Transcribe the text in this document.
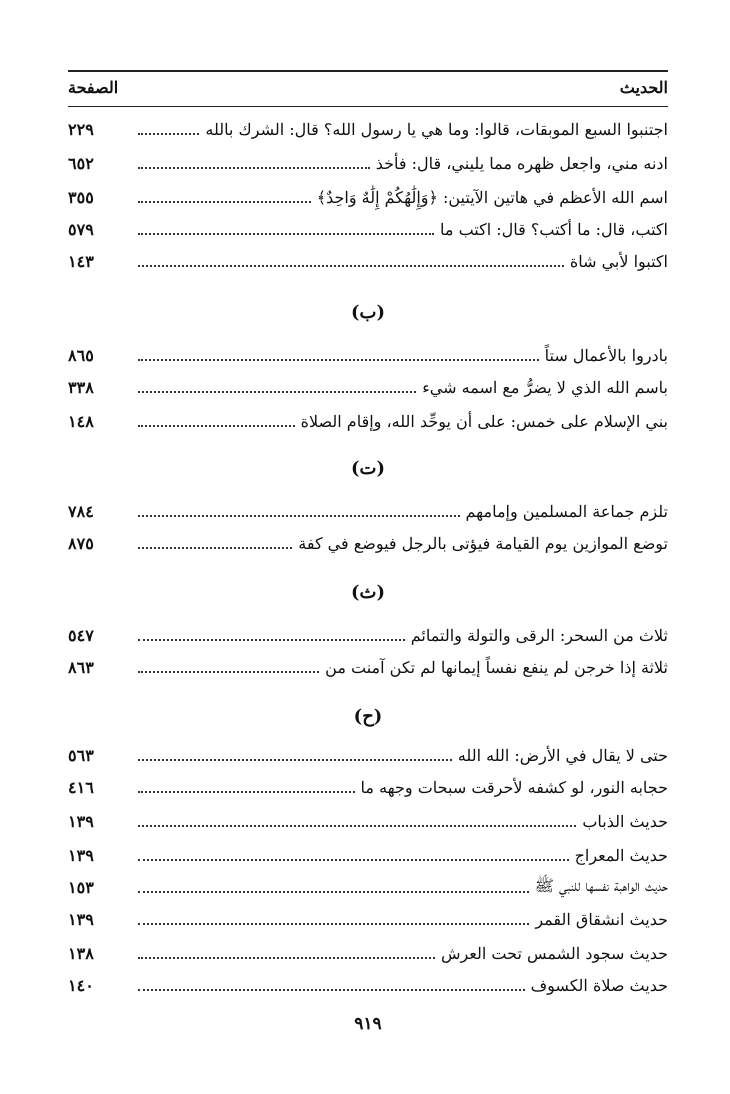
الحديث
الصفحة
اجتنبوا السبع الموبقات، قالوا: وما هي يا رسول الله؟ قال: الشرك بالله
٢٢٩
ادنه مني، واجعل ظهره مما يليني، قال: فأخذ
٦٥٢
اسم الله الأعظم في هاتين الآيتين: ﴿وَإِلَٰهُكُمْ إِلَٰهٌ وَاحِدٌ﴾
٣٥٥
اكتب، قال: ما أكتب؟ قال: اكتب ما
٥٧٩
اكتبوا لأبي شاة
١٤٣
(ب)
بادروا بالأعمال ستاً
٨٦٥
باسم الله الذي لا يضرُّ مع اسمه شيء
٣٣٨
بني الإسلام على خمس: على أن يوحِّد الله، وإقام الصلاة
١٤٨
(ت)
تلزم جماعة المسلمين وإمامهم
٧٨٤
توضع الموازين يوم القيامة فيؤتى بالرجل فيوضع في كفة
٨٧٥
(ث)
ثلاث من السحر: الرقى والتولة والتمائم
٥٤٧
ثلاثة إذا خرجن لم ينفع نفساً إيمانها لم تكن آمنت من
٨٦٣
(ح)
حتى لا يقال في الأرض: الله الله
٥٦٣
حجابه النور، لو كشفه لأحرقت سبحات وجهه ما
٤١٦
حديث الذباب
١٣٩
حديث المعراج
١٣٩
حديث الواهبة نفسها للنبي ﷺ
١٥٣
حديث انشقاق القمر
١٣٩
حديث سجود الشمس تحت العرش
١٣٨
حديث صلاة الكسوف
١٤٠
٩١٩
